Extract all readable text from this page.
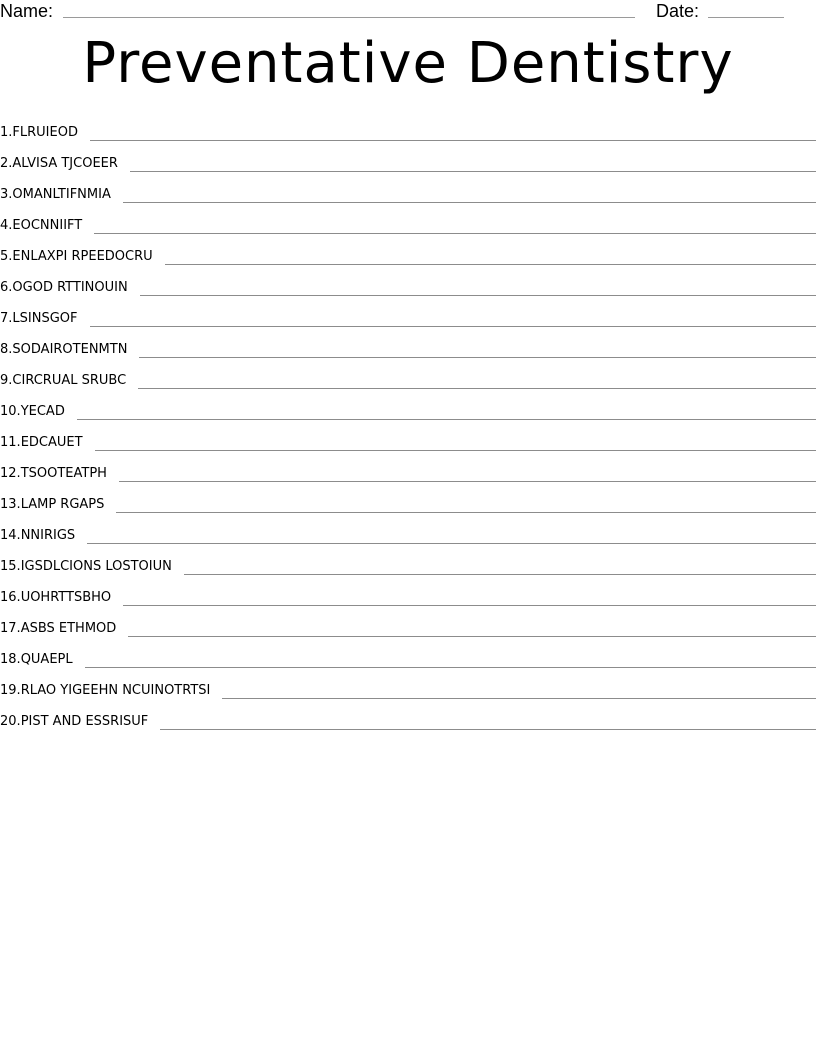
Name:	Date:
Preventative Dentistry
1. FLRUIEOD
2. ALVISA TJCOEER
3. OMANLTIFNMIA
4. EOCNNIIFT
5. ENLAXPI RPEEDOCRU
6. OGOD RTTINOUIN
7. LSINSGOF
8. SODAIROTENMTN
9. CIRCRUAL SRUBC
10. YECAD
11. EDCAUET
12. TSOOTEATPH
13. LAMP RGAPS
14. NNIRIGS
15. IGSDLCIONS LOSTOIUN
16. UOHRTTSBHO
17. ASBS ETHMOD
18. QUAEPL
19. RLAO YIGEEHN NCUINOTRTSI
20. PIST AND ESSRISUF
